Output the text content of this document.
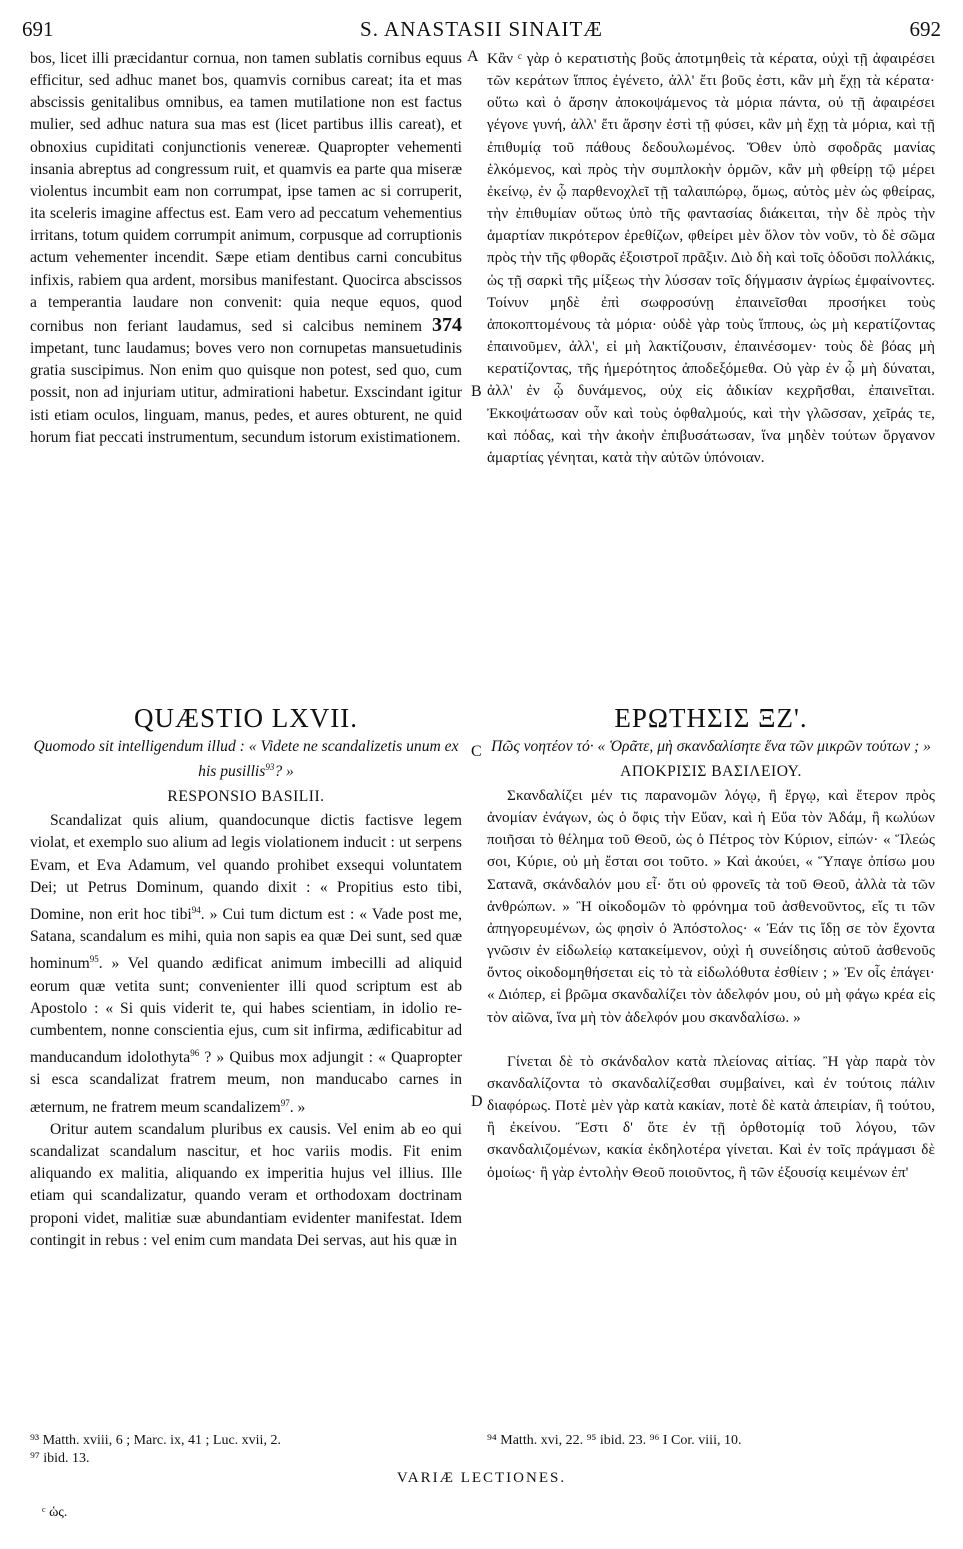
691	S. ANASTASII SINAITÆ	692
A
B
C
D

bos, licet illi præcidantur cornua, non tamen sublatis cornibus equus efficitur, sed adhuc manet bos, quamvis cornibus careat; ita et mas abscissis genitalibus omnibus, ea tamen mutilatione non est factus mulier, sed adhuc natura sua mas est (licet partibus illis careat), et obnoxius cupiditati conjunctionis venereæ. Quapropter vehementi insania abreptus ad congressum ruit, et quamvis ea parte qua miseræ violentus incumbit eam non corrumpat, ipse tamen ac si corruperit, ita sceleris imagine affectus est. Eam vero ad peccatum vehementius irritans, totum quidem corrumpit animum, corpusque ad corruptionis actum vehementer incendit. Sæpe etiam dentibus carni concubitus infixis, rabiem qua ardent, morsibus manifestant. Quocirca abscissos a temperantia laudare non convenit: quia neque equos, quod cornibus non feriant laudamus, sed si calcibus neminem 374 impetant, tunc laudamus; boves vero non cornupetas mansuetudinis gratia suscipimus. Non enim quo quisque non potest, sed quo, cum possit, non ad injuriam utitur, admirationi habetur. Exscindant igitur isti etiam oculos, linguam, manus, pedes, et aures obturent, ne quid horum fiat peccati instrumentum, secundum istorum existimationem.

Κἂν ᶜ γὰρ ὁ κερατιστὴς βοῦς ἀποτμηθεὶς τὰ κέρατα, οὐχὶ τῇ ἀφαιρέσει τῶν κεράτων ἵππος ἐγένετο, ἀλλ' ἔτι βοῦς ἐστι, κἂν μὴ ἔχῃ τὰ κέρατα· οὕτω καὶ ὁ ἄρσην ἀποκοψάμενος τὰ μόρια πάντα, οὐ τῇ ἀφαιρέσει γέγονε γυνή, ἀλλ' ἔτι ἄρσην ἐστὶ τῇ φύσει, κἂν μὴ ἔχῃ τὰ μόρια, καὶ τῇ ἐπιθυμίᾳ τοῦ πάθους δεδουλωμένος. Ὅθεν ὑπὸ σφοδρᾶς μανίας ἑλκόμενος, καὶ πρὸς τὴν συμπλοκὴν ὁρμῶν, κἂν μὴ φθείρῃ τῷ μέρει ἐκείνῳ, ἐν ᾧ παρθενοχλεῖ τῇ ταλαιπώρῳ, ὅμως, αὐτὸς μὲν ὡς φθείρας, τὴν ἐπιθυμίαν οὕτως ὑπὸ τῆς φαντασίας διάκειται, τὴν δὲ πρὸς τὴν ἁμαρτίαν πικρότερον ἐρεθίζων, φθείρει μὲν ὅλον τὸν νοῦν, τὸ δὲ σῶμα πρὸς τὴν τῆς φθορᾶς ἐξοιστροῖ πρᾶξιν. Διὸ δὴ καὶ τοῖς ὀδοῦσι πολλάκις, ὡς τῇ σαρκὶ τῆς μίξεως τὴν λύσσαν τοῖς δήγμασιν ἀγρίως ἐμφαίνοντες. Τοίνυν μηδὲ ἐπὶ σωφροσύνῃ ἐπαινεῖσθαι προσήκει τοὺς ἀποκοπτομένους τὰ μόρια· οὐδὲ γὰρ τοὺς ἵππους, ὡς μὴ κερατίζοντας ἐπαινοῦμεν, ἀλλ', εἰ μὴ λακτίζουσιν, ἐπαινέσομεν· τοὺς δὲ βόας μὴ κερατίζοντας, τῆς ἡμερότητος ἀποδεξόμεθα. Οὐ γὰρ ἐν ᾧ μὴ δύναται, ἀλλ' ἐν ᾧ δυνάμενος, οὐχ εἰς ἀδικίαν κεχρῆσθαι, ἐπαινεῖται. Ἐκκοψάτωσαν οὖν καὶ τοὺς ὀφθαλμούς, καὶ τὴν γλῶσσαν, χεῖράς τε, καὶ πόδας, καὶ τὴν ἀκοὴν ἐπιβυσάτωσαν, ἵνα μηδὲν τούτων ὄργανον ἁμαρτίας γένηται, κατὰ τὴν αὐτῶν ὑπόνοιαν.

QUÆSTIO LXVII.

Quomodo sit intelligendum illud : « Videte ne scandalizetis unum ex his pusillis$^{93}$? »

RESPONSIO BASILII.

Scandalizat quis alium, quandocunque dictis factisve legem violat, et exemplo suo alium ad legis violationem inducit : ut serpens Evam, et Eva Adamum, vel quando prohibet exsequi voluntatem Dei; ut Petrus Dominum, quando dixit : « Propitius esto tibi, Domine, non erit hoc tibi$^{94}$. » Cui tum dictum est : « Vade post me, Satana, scandalum es mihi, quia non sapis ea quæ Dei sunt, sed quæ hominum$^{95}$. » Vel quando ædificat animum imbecilli ad aliquid eorum quæ vetita sunt; convenienter illi quod scriptum est ab Apostolo : « Si quis viderit te, qui habes scientiam, in idolio recumbentem, nonne conscientia ejus, cum sit infirma, ædificabitur ad manducandum idolothyta$^{96}$ ? » Quibus mox adjungit : « Quapropter si esca scandalizat fratrem meum, non manducabo carnes in æternum, ne fratrem meum scandalizem$^{97}$. »

Oritur autem scandalum pluribus ex causis. Vel enim ab eo qui scandalizat scandalum nascitur, et hoc variis modis. Fit enim aliquando ex malitia, aliquando ex imperitia hujus vel illius. Ille etiam qui scandalizatur, quando veram et orthodoxam doctrinam proponi videt, malitiæ suæ abundantiam evidenter manifestat. Idem contingit in rebus : vel enim cum mandata Dei servas, aut his quæ in

ΕΡΩΤΗΣΙΣ ΞΖ'.

Πῶς νοητέον τό· « Ὁρᾶτε, μὴ σκανδαλίσητε ἕνα τῶν μικρῶν τούτων ; »

ΑΠΟΚΡΙΣΙΣ ΒΑΣΙΛΕΙΟΥ.

Σκανδαλίζει μέν τις παρανομῶν λόγῳ, ἢ ἔργῳ, καὶ ἕτερον πρὸς ἀνομίαν ἐνάγων, ὡς ὁ ὄφις τὴν Εὔαν, καὶ ἡ Εὔα τὸν Ἀδάμ, ἢ κωλύων ποιῆσαι τὸ θέλημα τοῦ Θεοῦ, ὡς ὁ Πέτρος τὸν Κύριον, εἰπών· « Ἵλεώς σοι, Κύριε, οὐ μὴ ἔσται σοι τοῦτο. » Καὶ ἀκούει, « Ὕπαγε ὀπίσω μου Σατανᾶ, σκάνδαλόν μου εἶ· ὅτι οὐ φρονεῖς τὰ τοῦ Θεοῦ, ἀλλὰ τὰ τῶν ἀνθρώπων. » Ἢ οἰκοδομῶν τὸ φρόνημα τοῦ ἀσθενοῦντος, εἴς τι τῶν ἀπηγορευμένων, ὡς φησὶν ὁ Ἀπόστολος· « Ἐάν τις ἴδῃ σε τὸν ἔχοντα γνῶσιν ἐν εἰδωλείῳ κατακείμενον, οὐχὶ ἡ συνείδησις αὐτοῦ ἀσθενοῦς ὄντος οἰκοδομηθήσεται εἰς τὸ τὰ εἰδωλόθυτα ἐσθίειν ; » Ἐν οἷς ἐπάγει· « Διόπερ, εἰ βρῶμα σκανδαλίζει τὸν ἀδελφόν μου, οὐ μὴ φάγω κρέα εἰς τὸν αἰῶνα, ἵνα μὴ τὸν ἀδελφόν μου σκανδαλίσω. »

Γίνεται δὲ τὸ σκάνδαλον κατὰ πλείονας αἰτίας. Ἢ γὰρ παρὰ τὸν σκανδαλίζοντα τὸ σκανδαλίζεσθαι συμβαίνει, καὶ ἐν τούτοις πάλιν διαφόρως. Ποτὲ μὲν γὰρ κατὰ κακίαν, ποτὲ δὲ κατὰ ἀπειρίαν, ἢ τούτου, ἢ ἐκείνου. Ἔστι δ' ὅτε ἐν τῇ ὀρθοτομίᾳ τοῦ λόγου, τῶν σκανδαλιζομένων, κακία ἐκδηλοτέρα γίνεται. Καὶ ἐν τοῖς πράγμασι δὲ ὁμοίως· ἢ γὰρ ἐντολὴν Θεοῦ ποιοῦντος, ἢ τῶν ἐξουσίᾳ κειμένων ἐπ'

⁹³ Matth. xviii, 6 ; Marc. ix, 41 ; Luc. xvii, 2.
⁹⁷ ibid. 13.
⁹⁴ Matth. xvi, 22. ⁹⁵ ibid. 23. ⁹⁶ I Cor. viii, 10.
VARIÆ LECTIONES.
ᶜ ὡς.
